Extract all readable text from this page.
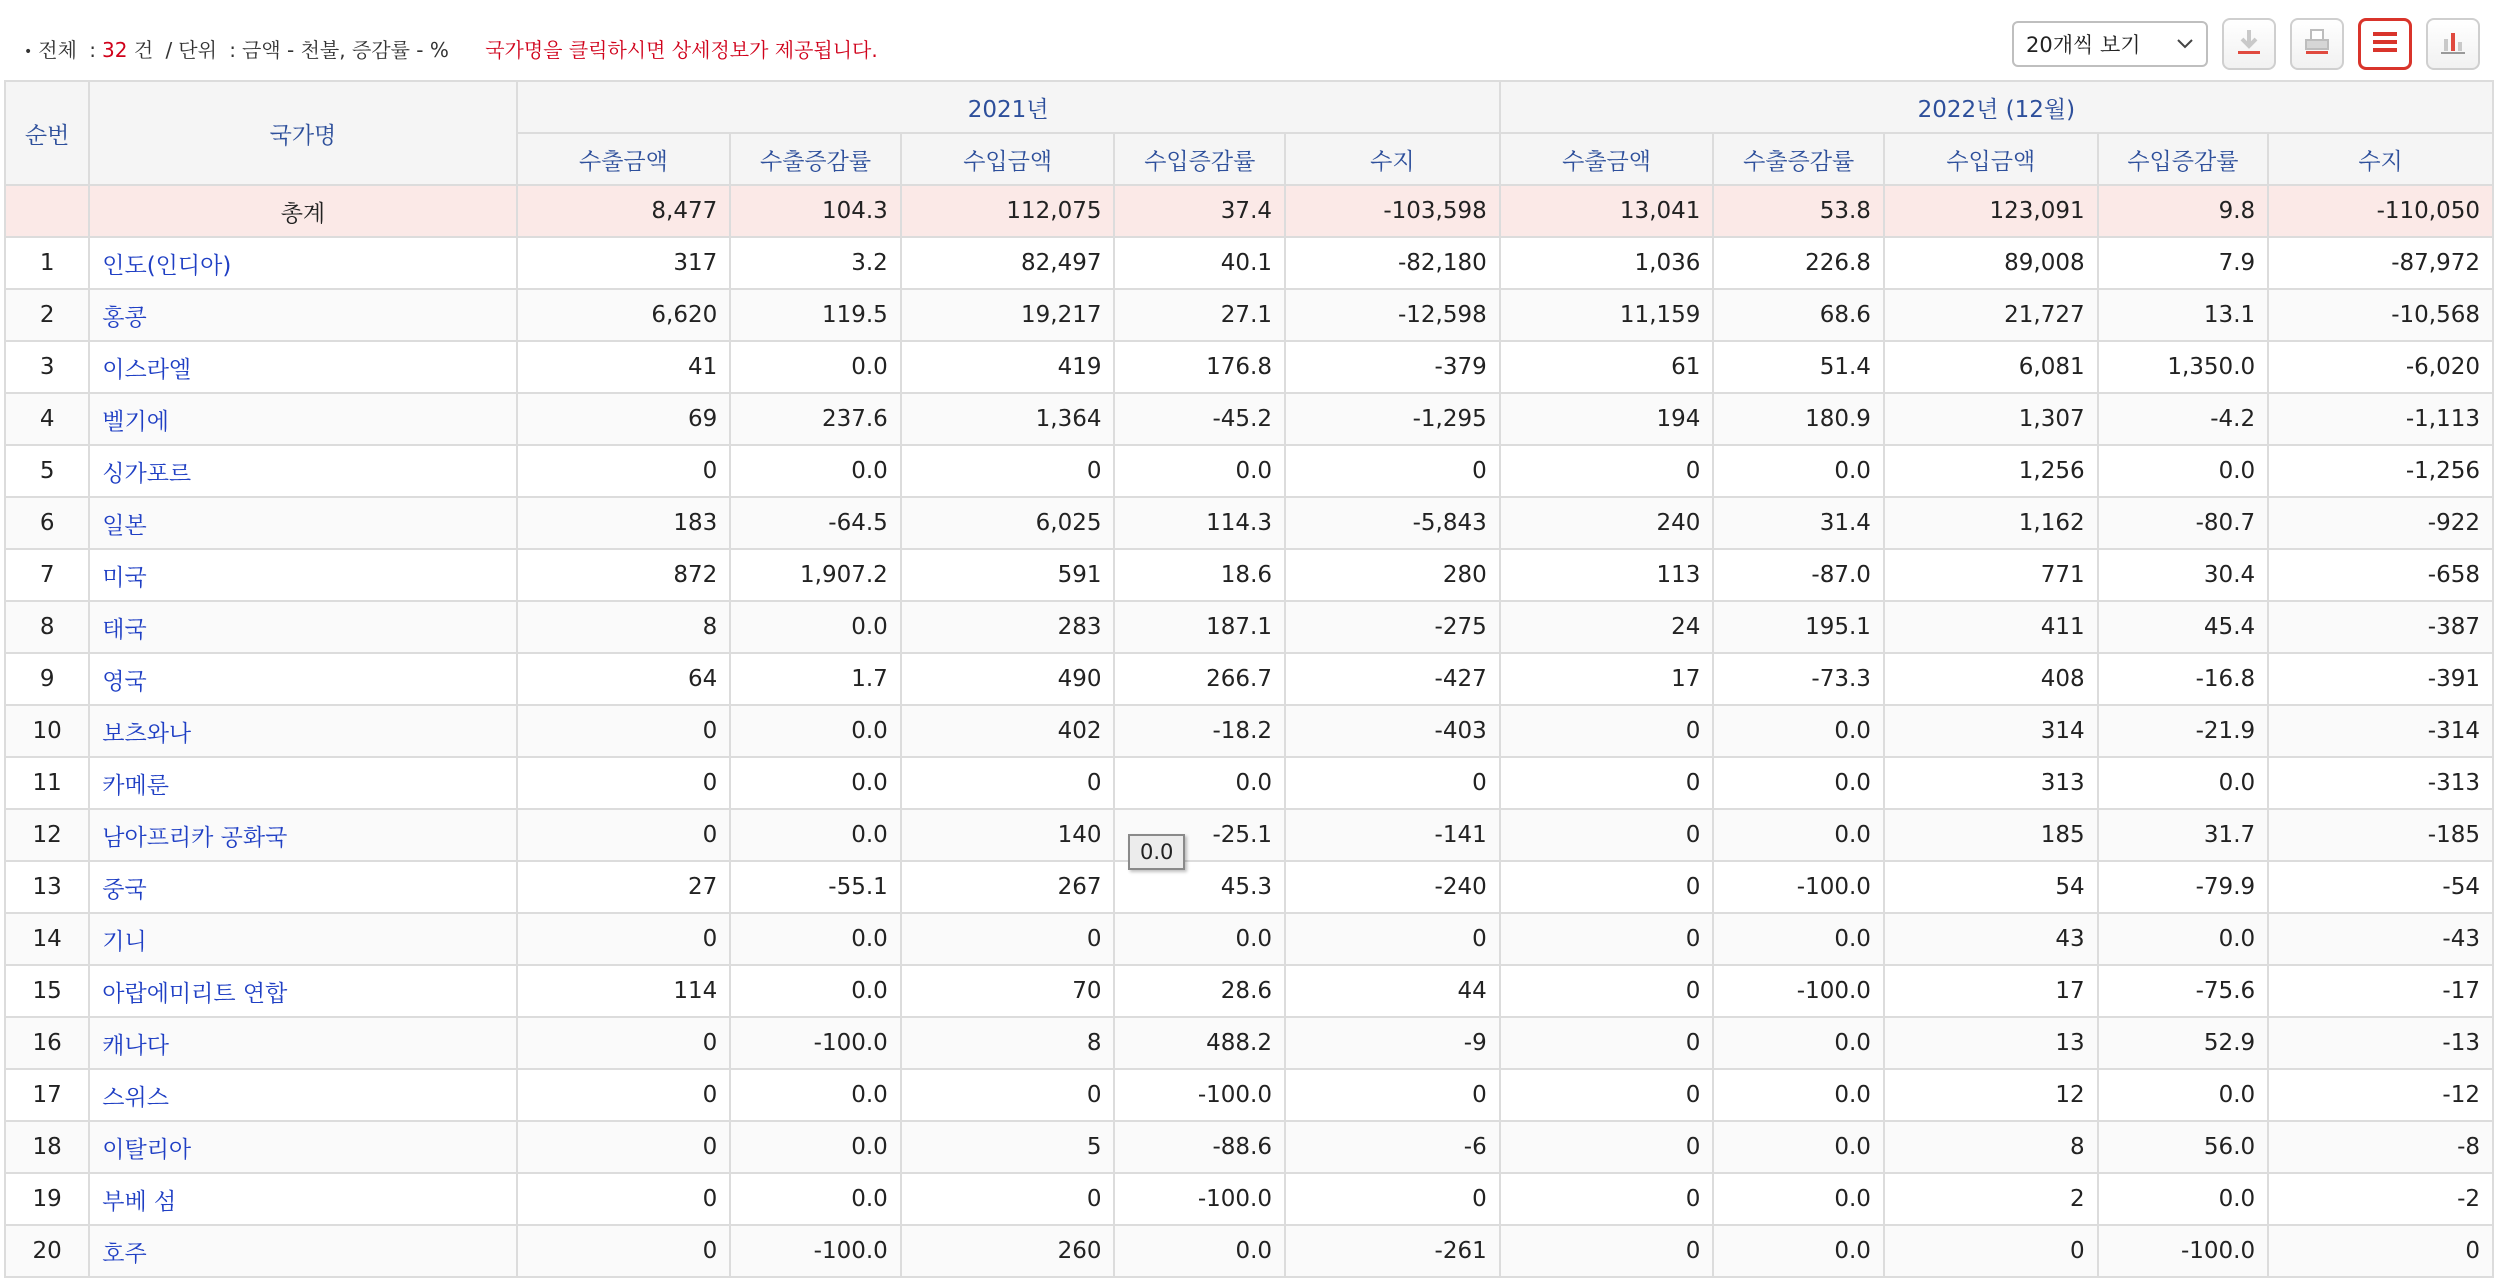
• 전체 : 32 건 / 단위 : 금액 - 천불, 증감률 - % 국가명을 클릭하시면 상세정보가 제공됩니다.	20개씩 보기
순번	국가명	2021년					2022년 (12월)				
		수출금액	수출증감률	수입금액	수입증감률	수지	수출금액	수출증감률	수입금액	수입증감률	수지
	총계	8,477	104.3	112,075	37.4	-103,598	13,041	53.8	123,091	9.8	-110,050
1	인도(인디아)	317	3.2	82,497	40.1	-82,180	1,036	226.8	89,008	7.9	-87,972
2	홍콩	6,620	119.5	19,217	27.1	-12,598	11,159	68.6	21,727	13.1	-10,568
3	이스라엘	41	0.0	419	176.8	-379	61	51.4	6,081	1,350.0	-6,020
4	벨기에	69	237.6	1,364	-45.2	-1,295	194	180.9	1,307	-4.2	-1,113
5	싱가포르	0	0.0	0	0.0	0	0	0.0	1,256	0.0	-1,256
6	일본	183	-64.5	6,025	114.3	-5,843	240	31.4	1,162	-80.7	-922
7	미국	872	1,907.2	591	18.6	280	113	-87.0	771	30.4	-658
8	태국	8	0.0	283	187.1	-275	24	195.1	411	45.4	-387
9	영국	64	1.7	490	266.7	-427	17	-73.3	408	-16.8	-391
10	보츠와나	0	0.0	402	-18.2	-403	0	0.0	314	-21.9	-314
11	카메룬	0	0.0	0	0.0	0	0	0.0	313	0.0	-313
12	남아프리카 공화국	0	0.0	140	-25.1	-141	0	0.0	185	31.7	-185
13	중국	27	-55.1	267	45.3	-240	0	-100.0	54	-79.9	-54
14	기니	0	0.0	0	0.0	0	0	0.0	43	0.0	-43
15	아랍에미리트 연합	114	0.0	70	28.6	44	0	-100.0	17	-75.6	-17
16	캐나다	0	-100.0	8	488.2	-9	0	0.0	13	52.9	-13
17	스위스	0	0.0	0	-100.0	0	0	0.0	12	0.0	-12
18	이탈리아	0	0.0	5	-88.6	-6	0	0.0	8	56.0	-8
19	부베 섬	0	0.0	0	-100.0	0	0	0.0	2	0.0	-2
20	호주	0	-100.0	260	0.0	-261	0	0.0	0	-100.0	0
0.0
